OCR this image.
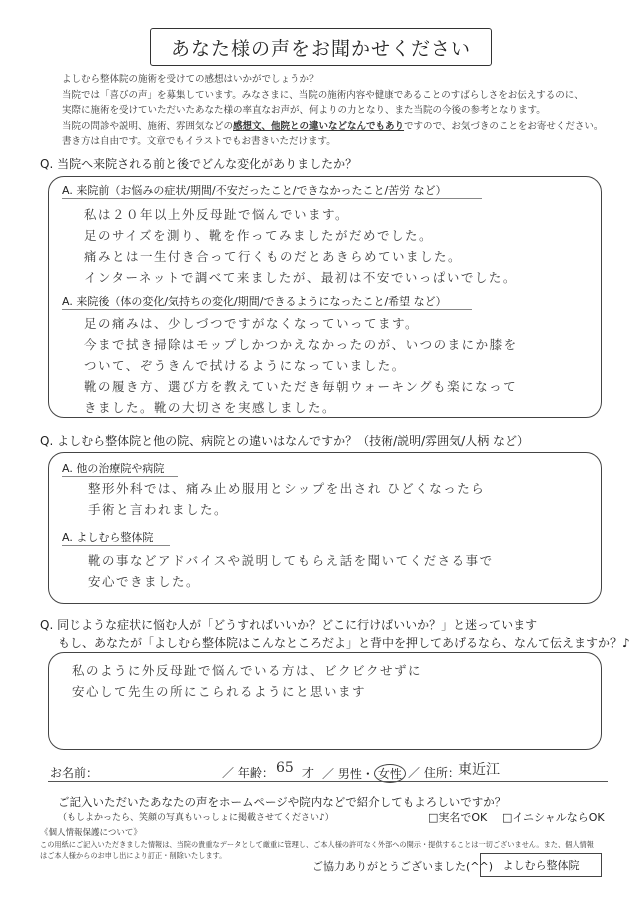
あなた様の声をお聞かせください
よしむら整体院の施術を受けての感想はいかがでしょうか？
当院では「喜びの声」を募集しています。みなさまに、当院の施術内容や健康であることのすばらしさをお伝えするのに、
実際に施術を受けていただいたあなた様の率直なお声が、何よりの力となり、また当院の今後の参考となります。
当院の問診や説明、施術、雰囲気などの感想文、他院との違いなどなんでもありですので、お気づきのことをお寄せください。
書き方は自由です。文章でもイラストでもお書きいただけます。
Q. 当院へ来院される前と後でどんな変化がありましたか？
A. 来院前（お悩みの症状/期間/不安だったこと/できなかったこと/苦労 など）
私は２０年以上外反母趾で悩んでいます。
足のサイズを測り、靴を作ってみましたがだめでした。
痛みとは一生付き合って行くものだとあきらめていました。
インターネットで調べて来ましたが、最初は不安でいっぱいでした。
A. 来院後（体の変化/気持ちの変化/期間/できるようになったこと/希望 など）
足の痛みは、少しづつですがなくなっていってます。
今まで拭き掃除はモップしかつかえなかったのが、いつのまにか膝を
ついて、ぞうきんで拭けるようになっていました。
靴の履き方、選び方を教えていただき毎朝ウォーキングも楽になって
きました。靴の大切さを実感しました。
Q. よしむら整体院と他の院、病院との違いはなんですか？（技術/説明/雰囲気/人柄 など）
A. 他の治療院や病院
整形外科では、痛み止め服用とシップを出され ひどくなったら
手術と言われました。
A. よしむら整体院
靴の事などアドバイスや説明してもらえ話を聞いてくださる事で
安心できました。
Q. 同じような症状に悩む人が「どうすればいいか？どこに行けばいいか？」と迷っています
もし、あなたが「よしむら整体院はこんなところだよ」と背中を押してあげるなら、なんて伝えますか？♪
私のように外反母趾で悩んでいる方は、ビクビクせずに
安心して先生の所にこられるようにと思います
お名前：	／ 年齢： 65 才 ／ 男性・ 女性 ／ 住所：
東近江
ご記入いただいたあなたの声をホームページや院内などで紹介してもよろしいですか？
（もしよかったら、笑顔の写真もいっしょに掲載させてください♪）	□実名でOK □イニシャルならOK
《個人情報保護について》
この用紙にご記入いただきました情報は、当院の貴重なデータとして厳重に管理し、ご本人様の許可なく外部への開示・提供することは一切ございません。また、個人情報
はご本人様からのお申し出により訂正・削除いたします。
ご協力ありがとうございました(^^) よしむら整体院
